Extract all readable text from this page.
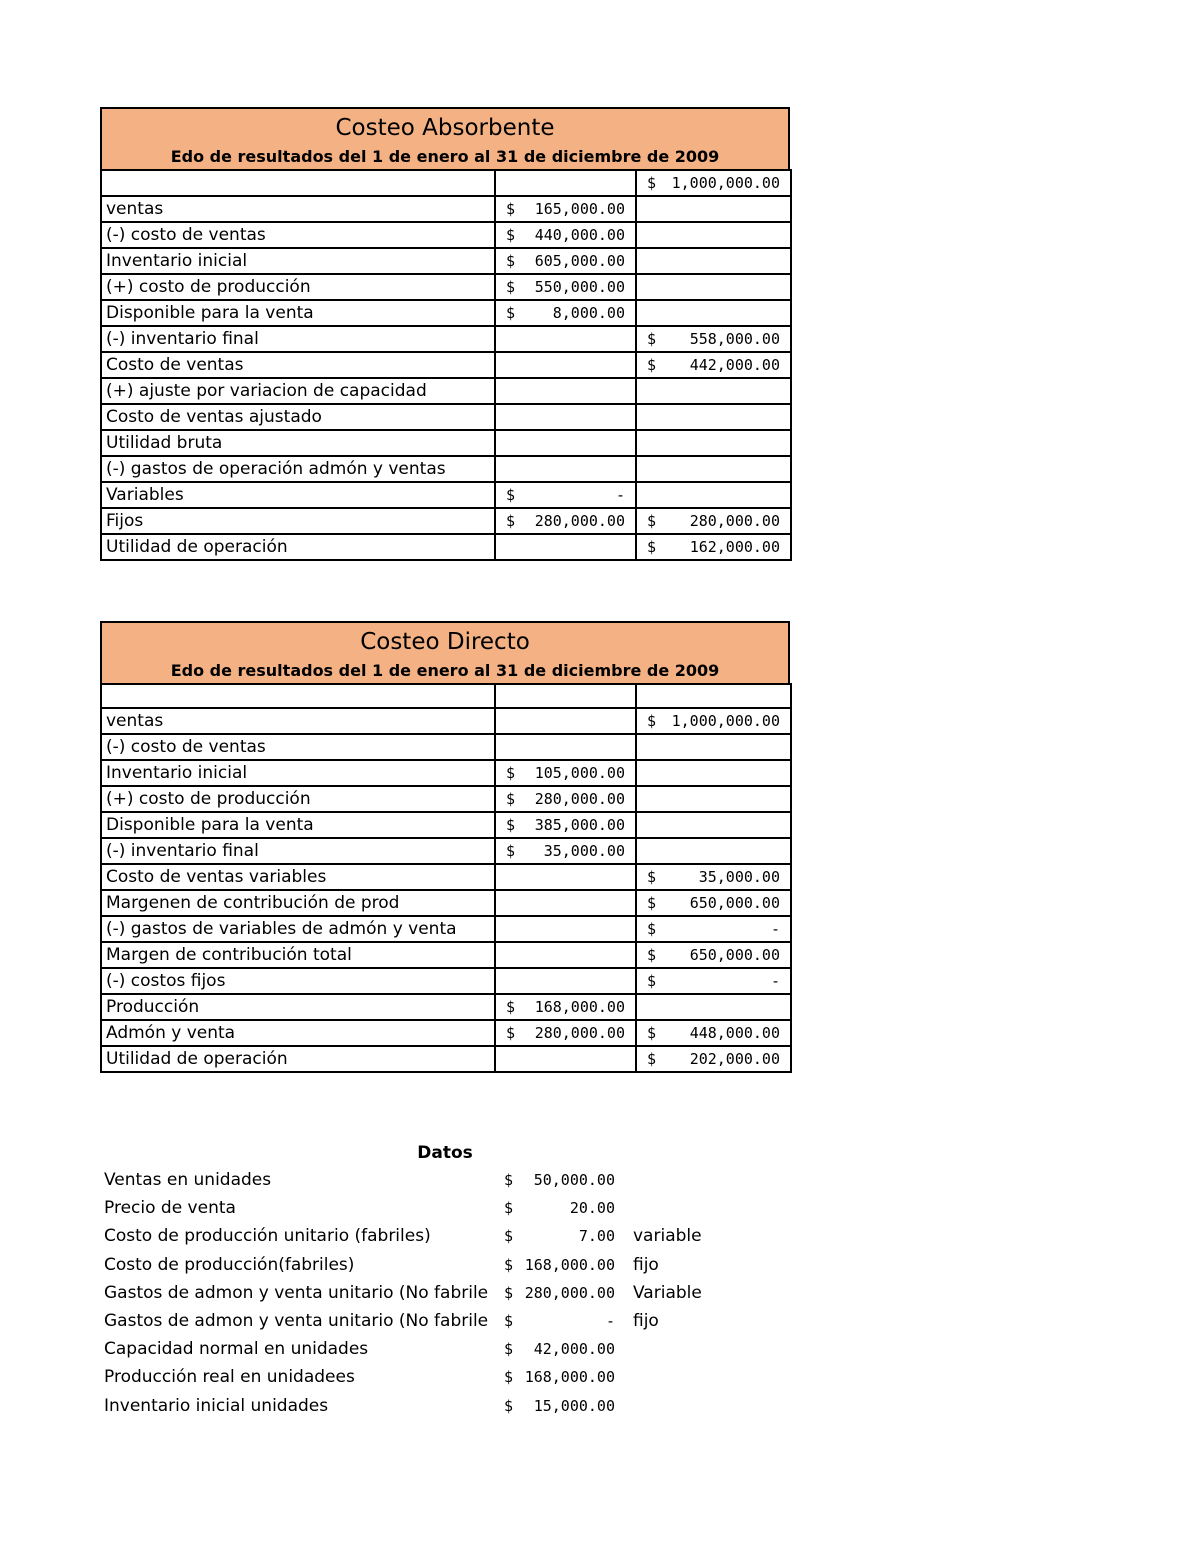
Costeo Absorbente
Edo de resultados del 1 de enero al 31 de diciembre de 2009

		$ 1,000,000.00

ventas	$ 165,000.00	

(-) costo de ventas	$ 440,000.00	

Inventario inicial	$ 605,000.00	

(+) costo de producción	$ 550,000.00	

Disponible para la venta	$ 8,000.00	

(-) inventario final		$ 558,000.00

Costo de ventas		$ 442,000.00

(+) ajuste por variacion de capacidad		
Costo de ventas ajustado		
Utilidad bruta		
(-) gastos de operación admón y ventas		
Variables	$ -	

Fijos	$ 280,000.00	$ 280,000.00

Utilidad de operación		$ 162,000.00
Costeo Directo
Edo de resultados del 1 de enero al 31 de diciembre de 2009

ventas		$ 1,000,000.00

(-) costo de ventas		
Inventario inicial	$ 105,000.00	

(+) costo de producción	$ 280,000.00	

Disponible para la venta	$ 385,000.00	

(-) inventario final	$ 35,000.00	

Costo de ventas variables		$ 35,000.00

Margenen de contribución de prod		$ 650,000.00

(-) gastos de variables de admón y venta		$ -

Margen de contribución total		$ 650,000.00

(-) costos fijos		$ -

Producción	$ 168,000.00	

Admón y venta	$ 280,000.00	$ 448,000.00

Utilidad de operación		$ 202,000.00
Datos
Ventas en unidades	$ 50,000.00	

Precio de venta	$ 20.00	

Costo de producción unitario (fabriles)	$ 7.00	variable
Costo de producción(fabriles)	$ 168,000.00	fijo
Gastos de admon y venta unitario (No fabrile	$ 280,000.00	Variable
Gastos de admon y venta unitario (No fabrile	$ -	fijo
Capacidad normal en unidades	$ 42,000.00	

Producción real en unidadees	$ 168,000.00	

Inventario inicial unidades	$ 15,000.00	
